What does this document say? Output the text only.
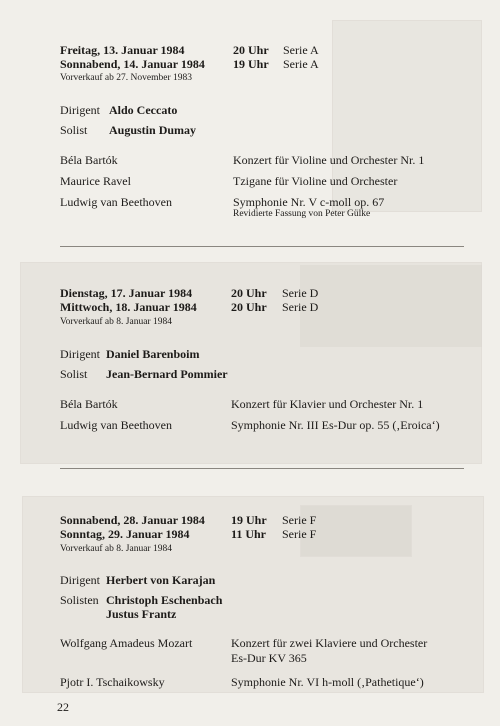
Freitag, 13. Januar 1984	20 Uhr Serie A
Sonnabend, 14. Januar 1984 19 Uhr Serie A
Vorverkauf ab 27. November 1983
Dirigent Aldo Ceccato
Solist Augustin Dumay
Béla Bartók	Konzert für Violine und Orchester Nr. 1
Maurice Ravel	Tzigane für Violine und Orchester
Ludwig van Beethoven	Symphonie Nr. V c-moll op. 67
Revidierte Fassung von Peter Gülke
Dienstag, 17. Januar 1984	20 Uhr Serie D
Mittwoch, 18. Januar 1984	20 Uhr Serie D
Vorverkauf ab 8. Januar 1984
Dirigent Daniel Barenboim
Solist Jean-Bernard Pommier
Béla Bartók	Konzert für Klavier und Orchester Nr. 1
Ludwig van Beethoven	Symphonie Nr. III Es-Dur op. 55 (‚Eroica‘)
Sonnabend, 28. Januar 1984 19 Uhr Serie F
Sonntag, 29. Januar 1984	11 Uhr Serie F
Vorverkauf ab 8. Januar 1984
Dirigent Herbert von Karajan
Solisten Christoph Eschenbach
Justus Frantz
Wolfgang Amadeus Mozart	Konzert für zwei Klaviere und Orchester
Es-Dur KV 365
Pjotr I. Tschaikowsky	Symphonie Nr. VI h-moll (‚Pathetique‘)
22
